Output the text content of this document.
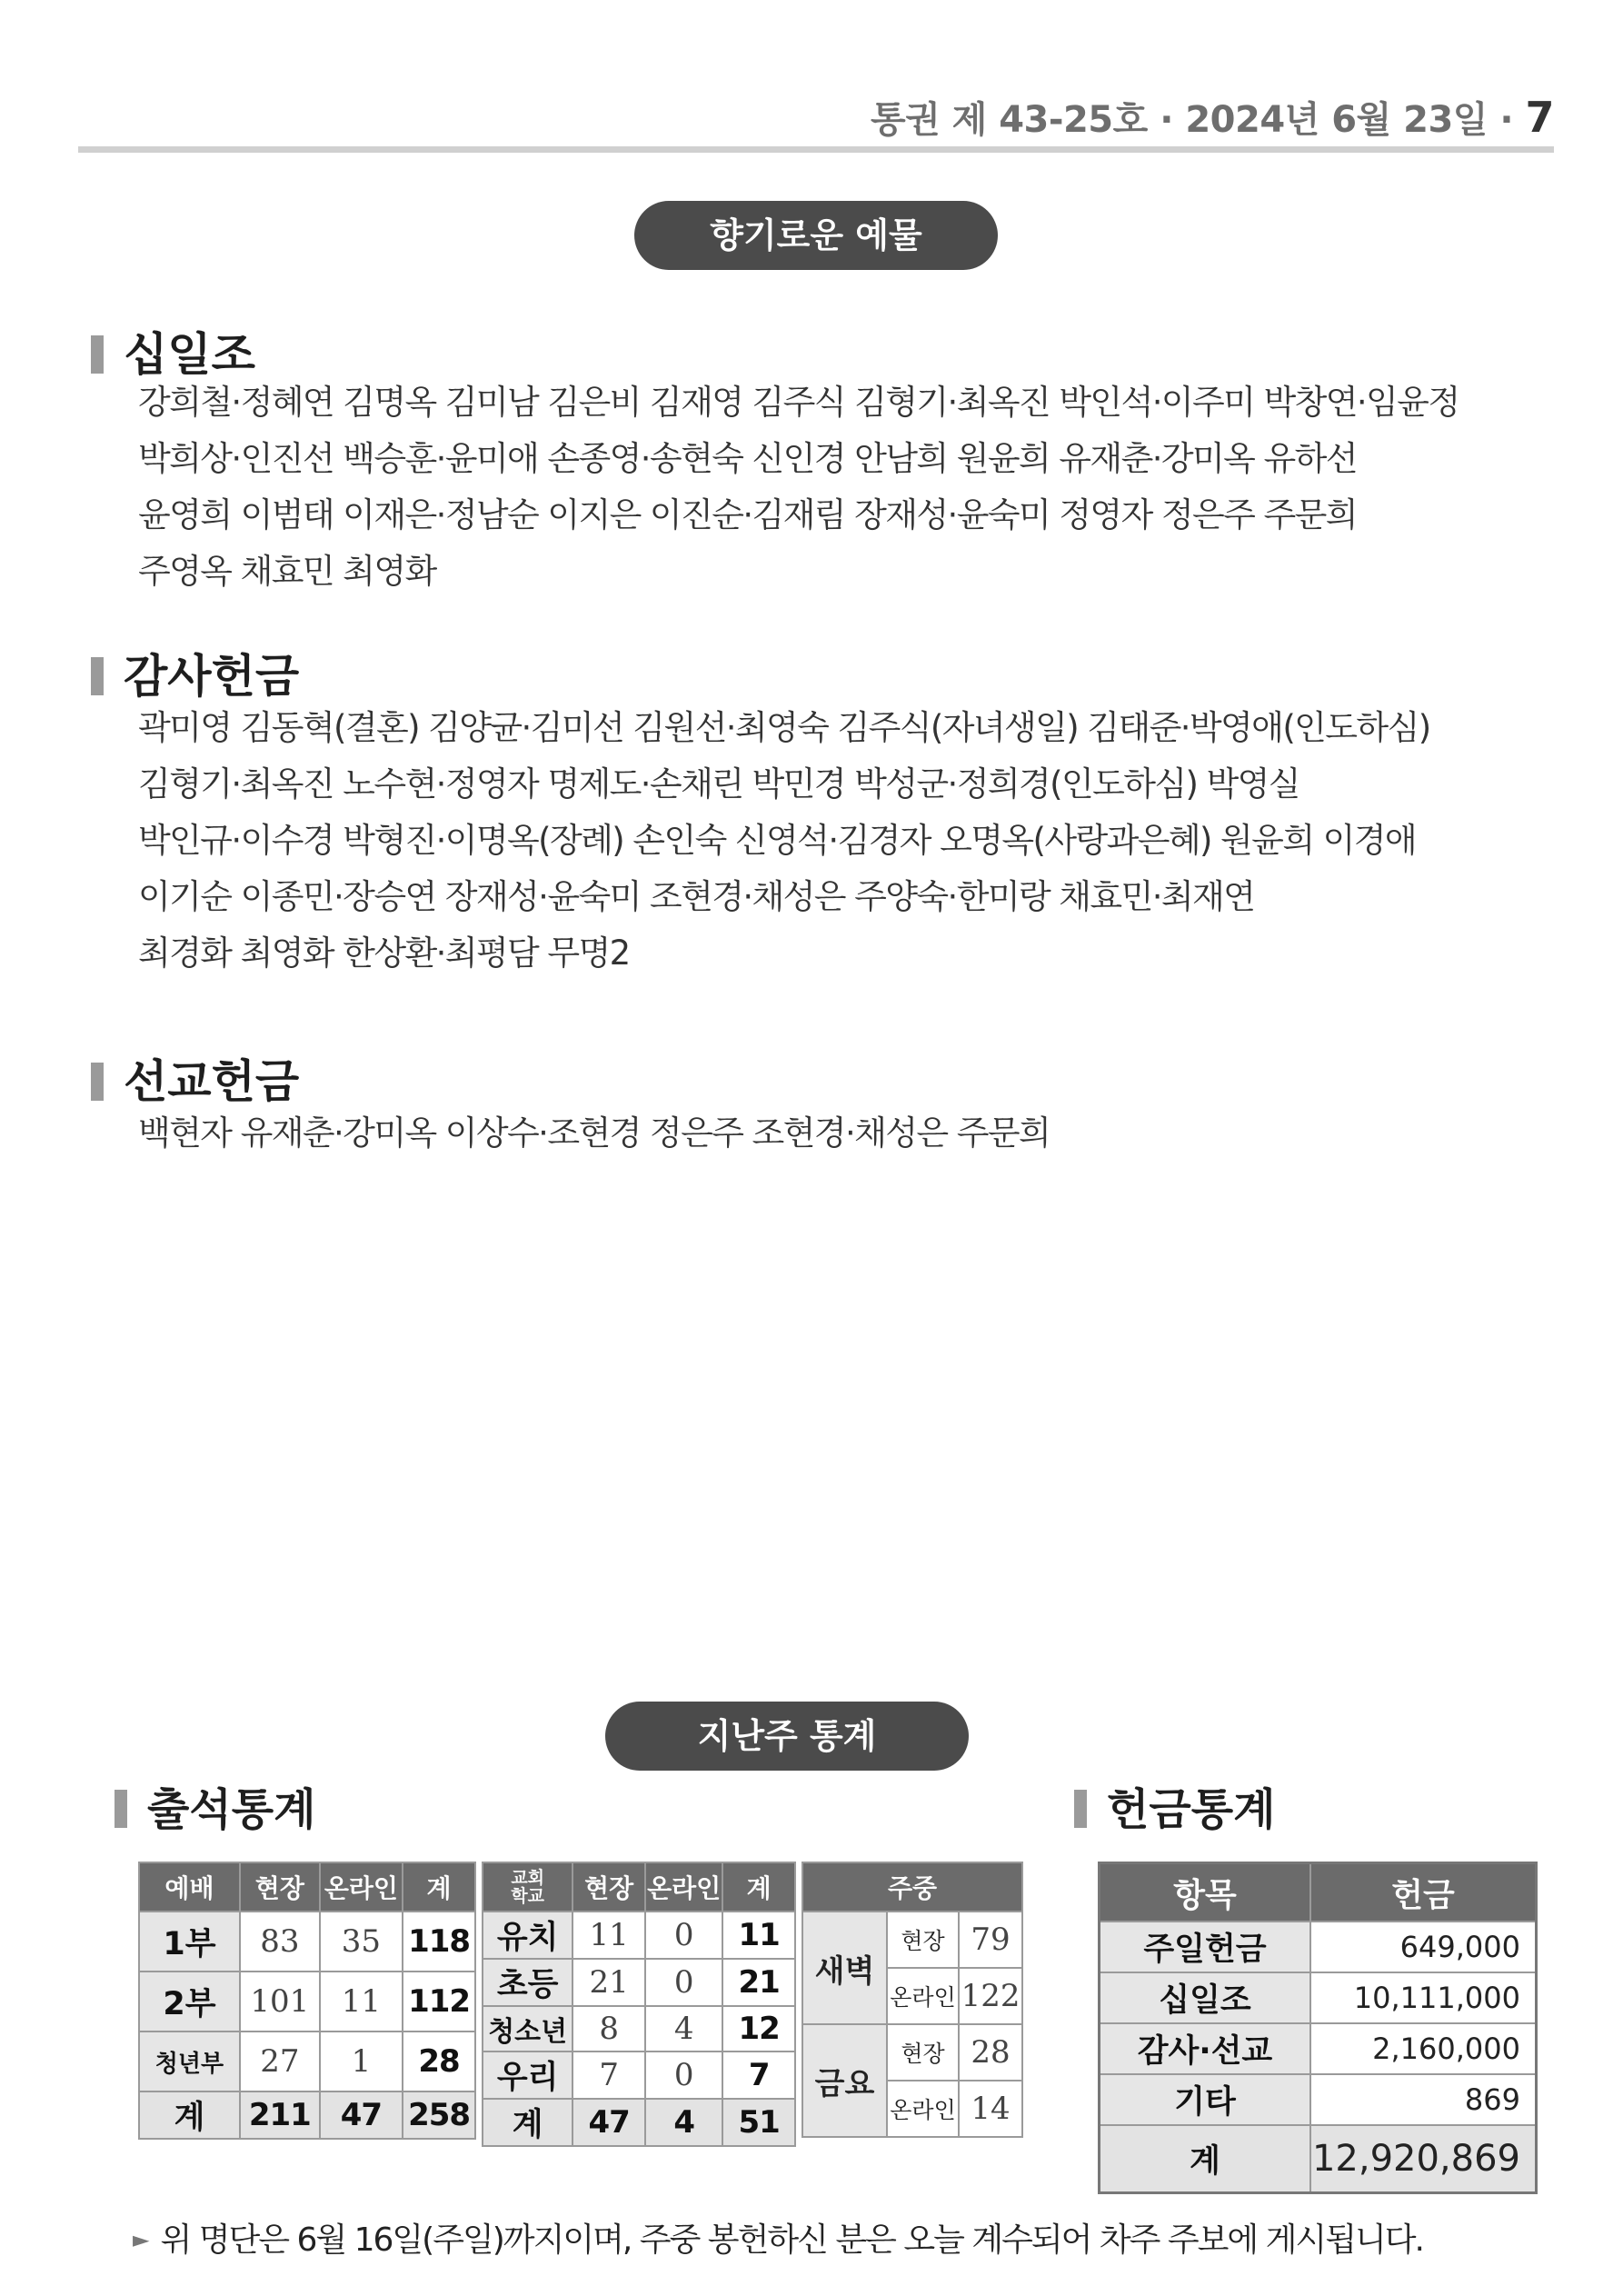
통권 제 43-25호 · 2024년 6월 23일 · 7
향기로운 예물
십일조
강희철·정혜연 김명옥 김미남 김은비 김재영 김주식 김형기·최옥진 박인석·이주미 박창연·임윤정
박희상·인진선 백승훈·윤미애 손종영·송현숙 신인경 안남희 원윤희 유재춘·강미옥 유하선
윤영희 이범태 이재은·정남순 이지은 이진순·김재림 장재성·윤숙미 정영자 정은주 주문희
주영옥 채효민 최영화
감사헌금
곽미영 김동혁(결혼) 김양균·김미선 김원선·최영숙 김주식(자녀생일) 김태준·박영애(인도하심)
김형기·최옥진 노수현·정영자 명제도·손채린 박민경 박성군·정희경(인도하심) 박영실
박인규·이수경 박형진·이명옥(장례) 손인숙 신영석·김경자 오명옥(사랑과은혜) 원윤희 이경애
이기순 이종민·장승연 장재성·윤숙미 조현경·채성은 주양숙·한미랑 채효민·최재연
최경화 최영화 한상환·최평담 무명2
선교헌금
백현자 유재춘·강미옥 이상수·조현경 정은주 조현경·채성은 주문희
지난주 통계
출석통계	헌금통계
예배	현장	온라인	계
1부	83	35	118
2부	101	11	112
청년부	27	1	28
계	211	47	258
교회학교	현장	온라인	계
유치	11	0	11
초등	21	0	21
청소년	8	4	12
우리	7	0	7
계	47	4	51
주중		
새벽	현장	79
	온라인	122
금요	현장	28
	온라인	14
항목	헌금
주일헌금	649,000
십일조	10,111,000
감사·선교	2,160,000
기타	869
계	12,920,869
► 위 명단은 6월 16일(주일)까지이며, 주중 봉헌하신 분은 오늘 계수되어 차주 주보에 게시됩니다.
